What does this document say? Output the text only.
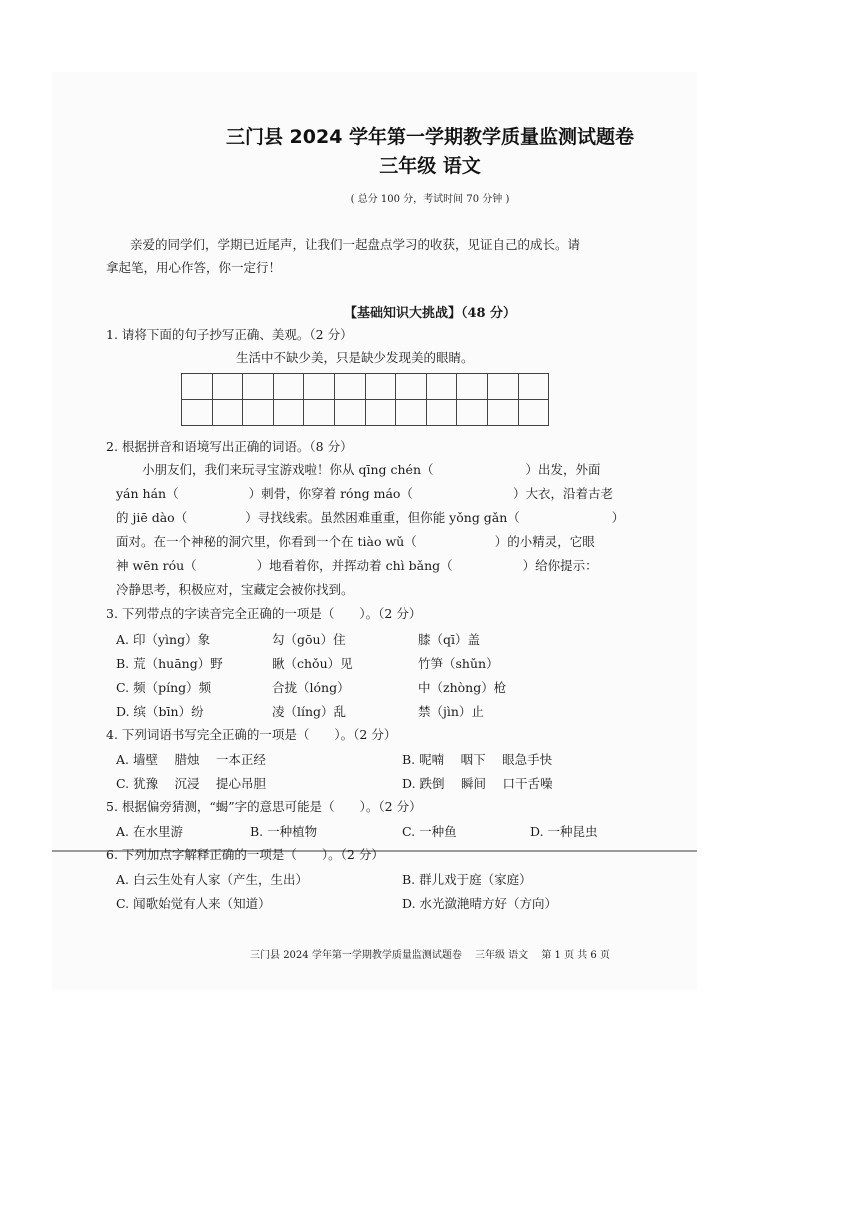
三门县 2024 学年第一学期教学质量监测试题卷
三年级 语文
( 总分 100 分，考试时间 70 分钟 )
亲爱的同学们，学期已近尾声，让我们一起盘点学习的收获，见证自己的成长。请
拿起笔，用心作答，你一定行！
【基础知识大挑战】（48 分）
1. 请将下面的句子抄写正确、美观。（2 分）
生活中不缺少美，只是缺少发现美的眼睛。
2. 根据拼音和语境写出正确的词语。（8 分）
小朋友们，我们来玩寻宝游戏啦！你从 qīng chén（	）出发，外面
yán hán（	）刺骨，你穿着 róng máo（	）大衣，沿着古老
的 jiē dào（	）寻找线索。虽然困难重重，但你能 yǒng gǎn（	）
面对。在一个神秘的洞穴里，你看到一个在 tiào wǔ（	）的小精灵，它眼
神 wēn róu（	）地看着你，并挥动着 chì bǎng（	）给你提示：
冷静思考，积极应对，宝藏定会被你找到。
3. 下列带点的字读音完全正确的一项是（　　）。（2 分）
A. 印（yìng）象	勾（gōu）住	膝（qī）盖
B. 荒（huāng）野	瞅（chǒu）见	竹笋（shǔn）
C. 频（píng）频	合拢（lóng）	中（zhòng）枪
D. 缤（bīn）纷	凌（líng）乱	禁（jìn）止
4. 下列词语书写完全正确的一项是（　　）。（2 分）
A. 墙壁　 腊烛　 一本正经	B. 呢喃　 咽下　 眼急手快
C. 犹豫　 沉浸　 提心吊胆	D. 跌倒　 瞬间　 口干舌噪
5. 根据偏旁猜测，“蝎”字的意思可能是（　　）。（2 分）
A. 在水里游	B. 一种植物	C. 一种鱼	D. 一种昆虫
6. 下列加点字解释正确的一项是（　　）。（2 分）
A. 白云生处有人家（产生，生出）	B. 群儿戏于庭（家庭）
C. 闻歌始觉有人来（知道）	D. 水光潋滟晴方好（方向）
三门县 2024 学年第一学期教学质量监测试题卷　 三年级 语文　 第 1 页 共 6 页
